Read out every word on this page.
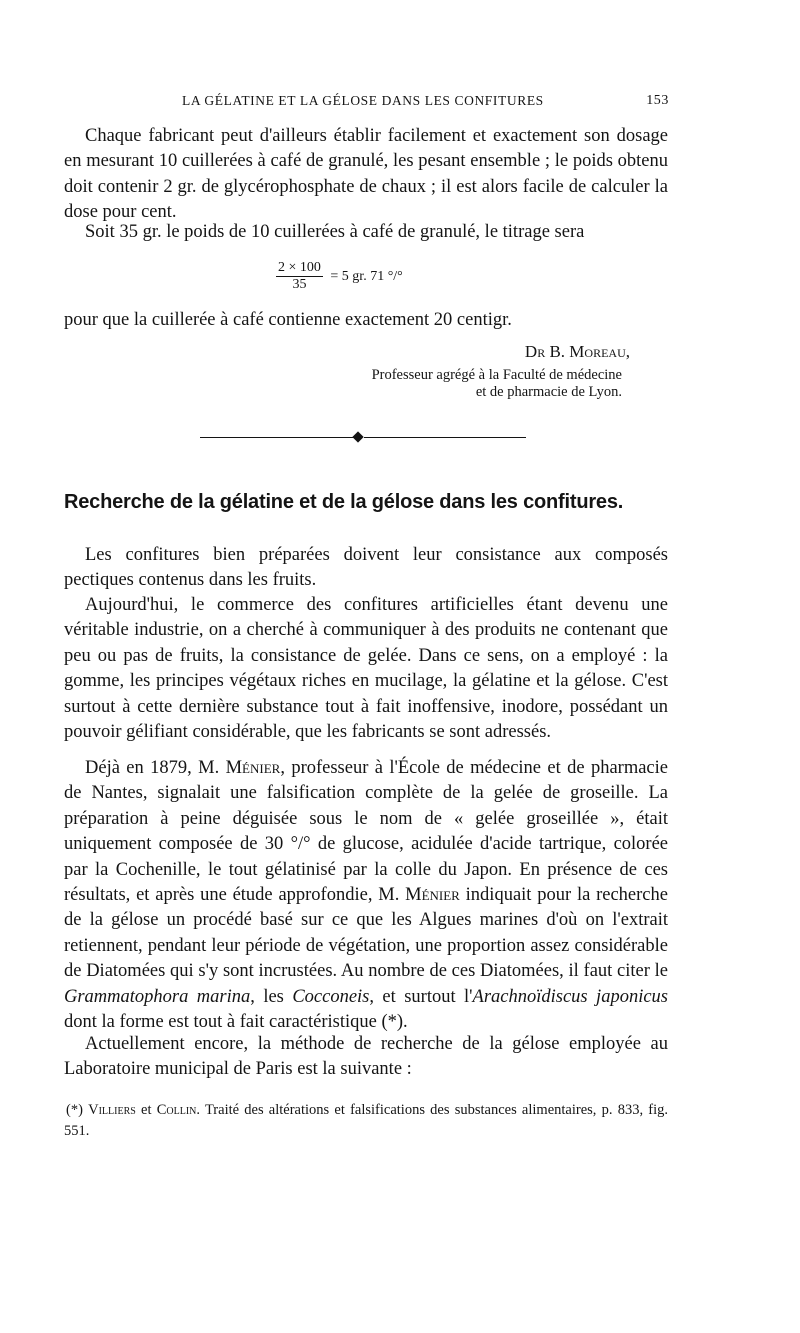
LA GÉLATINE ET LA GÉLOSE DANS LES CONFITURES	153

Chaque fabricant peut d'ailleurs établir facilement et exactement son dosage en mesurant 10 cuillerées à café de granulé, les pesant ensemble ; le poids obtenu doit contenir 2 gr. de glycérophosphate de chaux ; il est alors facile de calculer la dose pour cent.

Soit 35 gr. le poids de 10 cuillerées à café de granulé, le titrage sera

$\frac{2 \times 100}{35} = 5$ gr. 71 °/°

pour que la cuillerée à café contienne exactement 20 centigr.

Dr B. Moreau,
Professeur agrégé à la Faculté de médecine
et de pharmacie de Lyon.
Recherche de la gélatine et de la gélose dans les confitures.

Les confitures bien préparées doivent leur consistance aux composés pectiques contenus dans les fruits.

Aujourd'hui, le commerce des confitures artificielles étant devenu une véritable industrie, on a cherché à communiquer à des produits ne contenant que peu ou pas de fruits, la consistance de gelée. Dans ce sens, on a employé : la gomme, les principes végétaux riches en mucilage, la gélatine et la gélose. C'est surtout à cette dernière substance tout à fait inoffensive, inodore, possédant un pouvoir gélifiant considérable, que les fabricants se sont adressés.

Déjà en 1879, M. Ménier, professeur à l'École de médecine et de pharmacie de Nantes, signalait une falsification complète de la gelée de groseille. La préparation à peine déguisée sous le nom de « gelée groseillée », était uniquement composée de 30 °/° de glucose, acidulée d'acide tartrique, colorée par la Cochenille, le tout gélatinisé par la colle du Japon. En présence de ces résultats, et après une étude approfondie, M. Ménier indiquait pour la recherche de la gélose un procédé basé sur ce que les Algues marines d'où on l'extrait retiennent, pendant leur période de végétation, une proportion assez considérable de Diatomées qui s'y sont incrustées. Au nombre de ces Diatomées, il faut citer le Grammatophora marina, les Cocconeis, et surtout l'Arachnoïdiscus japonicus dont la forme est tout à fait caractéristique (*).

Actuellement encore, la méthode de recherche de la gélose employée au Laboratoire municipal de Paris est la suivante :

(*) Villiers et Collin. Traité des altérations et falsifications des substances alimentaires, p. 833, fig. 551.
